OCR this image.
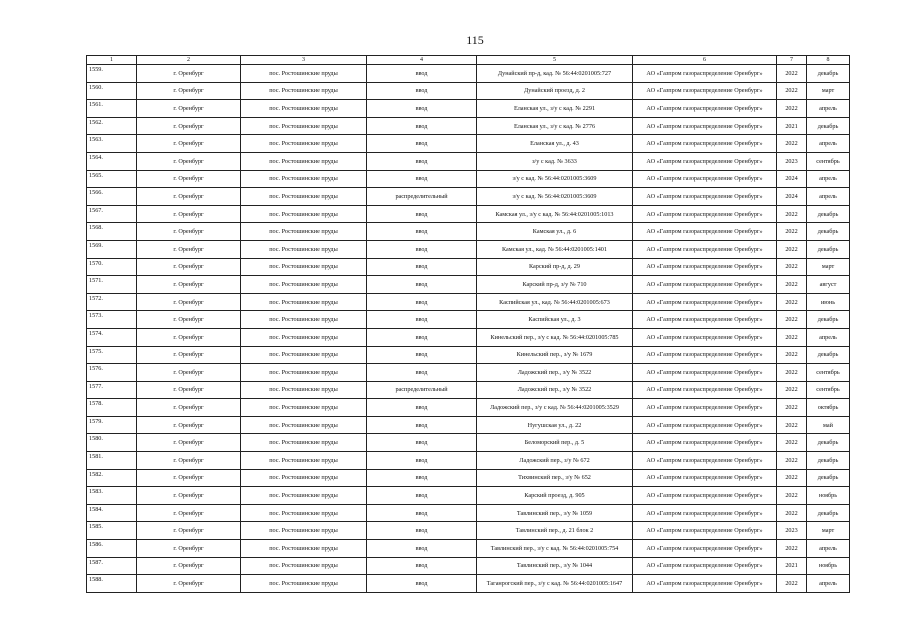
115
1	2	3	4	5	6	7	8
1559.	г. Оренбург	пос. Ростошинские пруды	ввод	Дунайский пр-д, кад. № 56:44:0201005:727	АО «Газпром газораспределение Оренбург»	2022	декабрь
1560.	г. Оренбург	пос. Ростошинские пруды	ввод	Дунайский проезд, д. 2	АО «Газпром газораспределение Оренбург»	2022	март
1561.	г. Оренбург	пос. Ростошинские пруды	ввод	Еланская ул., з/у с кад. № 2291	АО «Газпром газораспределение Оренбург»	2022	апрель
1562.	г. Оренбург	пос. Ростошинские пруды	ввод	Еланская ул., з/у с кад. № 2776	АО «Газпром газораспределение Оренбург»	2021	декабрь
1563.	г. Оренбург	пос. Ростошинские пруды	ввод	Еланская ул., д. 43	АО «Газпром газораспределение Оренбург»	2022	апрель
1564.	г. Оренбург	пос. Ростошинские пруды	ввод	з/у с кад. № 3633	АО «Газпром газораспределение Оренбург»	2023	сентябрь
1565.	г. Оренбург	пос. Ростошинские пруды	ввод	з/у с кад. № 56:44:0201005:3609	АО «Газпром газораспределение Оренбург»	2024	апрель
1566.	г. Оренбург	пос. Ростошинские пруды	распределительный	з/у с кад. № 56:44:0201005:3609	АО «Газпром газораспределение Оренбург»	2024	апрель
1567.	г. Оренбург	пос. Ростошинские пруды	ввод	Камская ул., з/у с кад. № 56:44:0201005:1013	АО «Газпром газораспределение Оренбург»	2022	декабрь
1568.	г. Оренбург	пос. Ростошинские пруды	ввод	Камская ул., д. 6	АО «Газпром газораспределение Оренбург»	2022	декабрь
1569.	г. Оренбург	пос. Ростошинские пруды	ввод	Камская ул., кад. № 56:44:0201005:1401	АО «Газпром газораспределение Оренбург»	2022	декабрь
1570.	г. Оренбург	пос. Ростошинские пруды	ввод	Карский пр-д, д. 29	АО «Газпром газораспределение Оренбург»	2022	март
1571.	г. Оренбург	пос. Ростошинские пруды	ввод	Карский пр-д, з/у № 710	АО «Газпром газораспределение Оренбург»	2022	август
1572.	г. Оренбург	пос. Ростошинские пруды	ввод	Каспийская ул., кад. № 56:44:0201005:673	АО «Газпром газораспределение Оренбург»	2022	июнь
1573.	г. Оренбург	пос. Ростошинские пруды	ввод	Каспийская ул., д. 3	АО «Газпром газораспределение Оренбург»	2022	декабрь
1574.	г. Оренбург	пос. Ростошинские пруды	ввод	Кинельский пер., з/у с кад. № 56:44:0201005:785	АО «Газпром газораспределение Оренбург»	2022	апрель
1575.	г. Оренбург	пос. Ростошинские пруды	ввод	Кинельский пер., з/у № 1679	АО «Газпром газораспределение Оренбург»	2022	декабрь
1576.	г. Оренбург	пос. Ростошинские пруды	ввод	Ладожский пер., з/у № 3522	АО «Газпром газораспределение Оренбург»	2022	сентябрь
1577.	г. Оренбург	пос. Ростошинские пруды	распределительный	Ладожский пер., з/у № 3522	АО «Газпром газораспределение Оренбург»	2022	сентябрь
1578.	г. Оренбург	пос. Ростошинские пруды	ввод	Ладожский пер., з/у с кад. № 56:44:0201005:3529	АО «Газпром газораспределение Оренбург»	2022	октябрь
1579.	г. Оренбург	пос. Ростошинские пруды	ввод	Нугушская ул., д. 22	АО «Газпром газораспределение Оренбург»	2022	май
1580.	г. Оренбург	пос. Ростошинские пруды	ввод	Беломорский пер., д. 5	АО «Газпром газораспределение Оренбург»	2022	декабрь
1581.	г. Оренбург	пос. Ростошинские пруды	ввод	Ладожский пер., з/у № 672	АО «Газпром газораспределение Оренбург»	2022	декабрь
1582.	г. Оренбург	пос. Ростошинские пруды	ввод	Тихвинский пер., з/у № 652	АО «Газпром газораспределение Оренбург»	2022	декабрь
1583.	г. Оренбург	пос. Ростошинские пруды	ввод	Карский проезд, д. 905	АО «Газпром газораспределение Оренбург»	2022	ноябрь
1584.	г. Оренбург	пос. Ростошинские пруды	ввод	Тавлинский пер., з/у № 1059	АО «Газпром газораспределение Оренбург»	2022	декабрь
1585.	г. Оренбург	пос. Ростошинские пруды	ввод	Тавлинский пер., д. 21 блок 2	АО «Газпром газораспределение Оренбург»	2023	март
1586.	г. Оренбург	пос. Ростошинские пруды	ввод	Тавлинский пер., з/у с кад. № 56:44:0201005:754	АО «Газпром газораспределение Оренбург»	2022	апрель
1587.	г. Оренбург	пос. Ростошинские пруды	ввод	Тавлинский пер., з/у № 1044	АО «Газпром газораспределение Оренбург»	2021	ноябрь
1588.	г. Оренбург	пос. Ростошинские пруды	ввод	Таганрогский пер., з/у с кад. № 56:44:0201005:1647	АО «Газпром газораспределение Оренбург»	2022	апрель
